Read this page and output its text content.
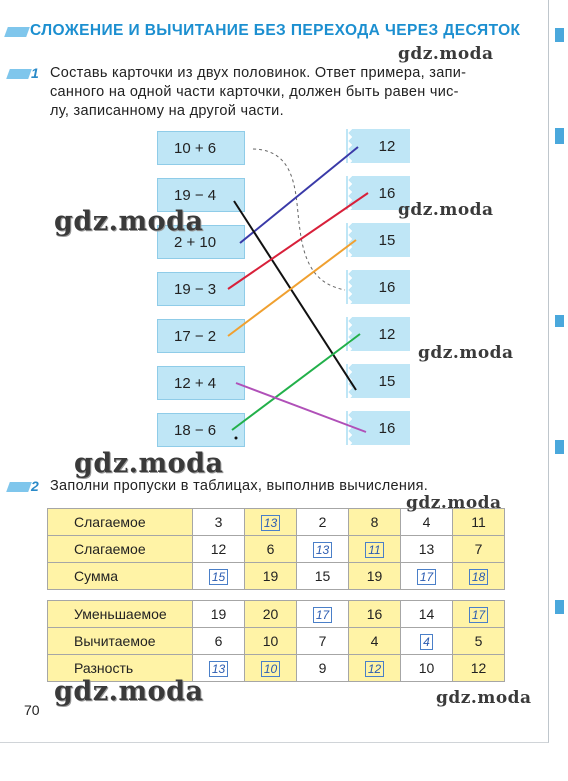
СЛОЖЕНИЕ И ВЫЧИТАНИЕ БЕЗ ПЕРЕХОДА ЧЕРЕЗ ДЕСЯТОК
1 Составь карточки из двух половинок. Ответ примера, запи-
санного на одной части карточки, должен быть равен чис-
лу, записанному на другой части.
10 + 6
19 − 4
2 + 10
19 − 3
17 − 2
12 + 4
18 − 6
12
16
15
16
12
15
16
2 Заполни пропуски в таблицах, выполнив вычисления.
Слагаемое	3	13	2	8	4	11
Слагаемое	12	6	13	11	13	7
Сумма	15	19	15	19	17	18
Уменьшаемое	19	20	17	16	14	17
Вычитаемое	6	10	7	4	4	5
Разность	13	10	9	12	10	12
gdz.moda
gdz.moda	gdz.moda
gdz.moda
gdz.moda
gdz.moda
gdz.moda	gdz.moda
70
